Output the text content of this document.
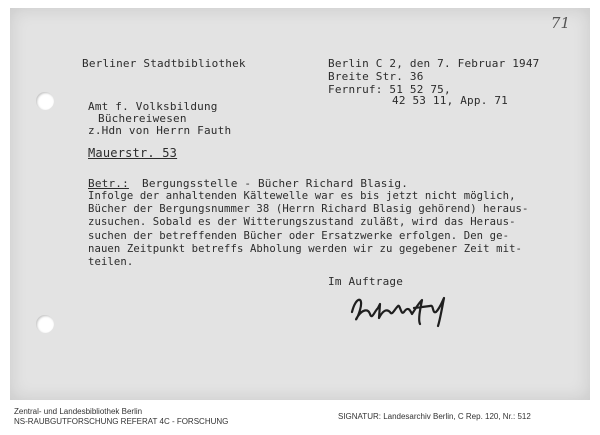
71
Berliner Stadtbibliothek	Berlin C 2, den 7. Februar 1947
Breite Str. 36
Fernruf: 51 52 75,
42 53 11, App. 71
Amt f. Volksbildung
Büchereiwesen
z.Hdn von Herrn Fauth
Mauerstr. 53
Betr.: Bergungsstelle - Bücher Richard Blasig.
Infolge der anhaltenden Kältewelle war es bis jetzt nicht möglich,
Bücher der Bergungsnummer 38 (Herrn Richard Blasig gehörend) heraus-
zusuchen. Sobald es der Witterungszustand zuläßt, wird das Heraus-
suchen der betreffenden Bücher oder Ersatzwerke erfolgen. Den ge-
nauen Zeitpunkt betreffs Abholung werden wir zu gegebener Zeit mit-
teilen.
Im Auftrage
Zentral- und Landesbibliothek Berlin
NS-RAUBGUTFORSCHUNG REFERAT 4C - FORSCHUNG
SIGNATUR: Landesarchiv Berlin, C Rep. 120, Nr.: 512
